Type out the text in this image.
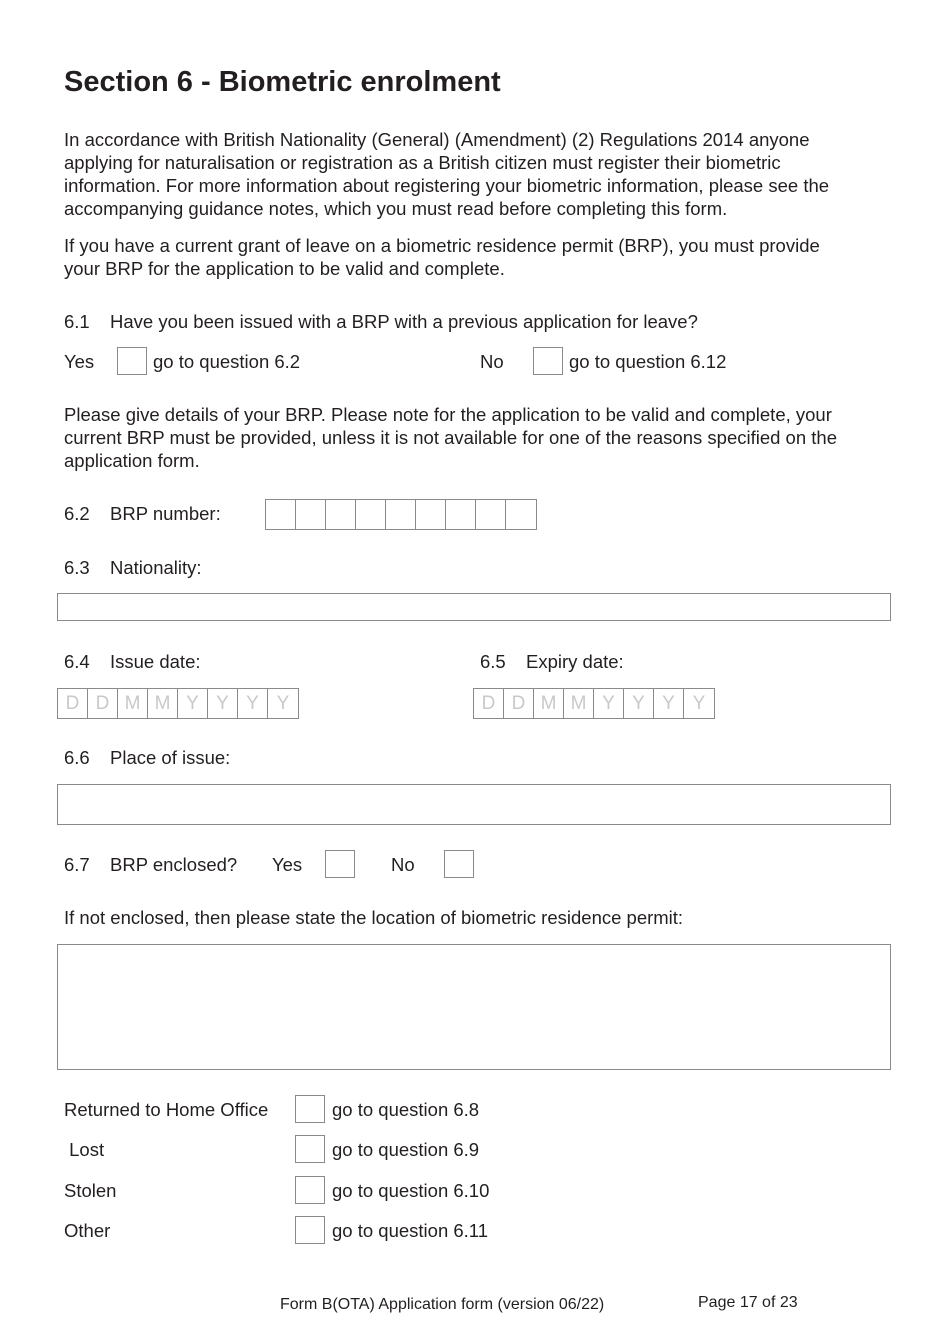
Section 6 - Biometric enrolment
In accordance with British Nationality (General) (Amendment) (2) Regulations 2014 anyone
applying for naturalisation or registration as a British citizen must register their biometric
information. For more information about registering your biometric information, please see the
accompanying guidance notes, which you must read before completing this form.
If you have a current grant of leave on a biometric residence permit (BRP), you must provide
your BRP for the application to be valid and complete.
6.1 Have you been issued with a BRP with a previous application for leave?
Yes	go to question 6.2	No	go to question 6.12
Please give details of your BRP. Please note for the application to be valid and complete, your
current BRP must be provided, unless it is not available for one of the reasons specified on the
application form.
6.2 BRP number:
6.3 Nationality:
6.4 Issue date:	6.5 Expiry date:
D D M M Y Y Y Y	D D M M Y Y Y Y
6.6 Place of issue:
6.7 BRP enclosed? Yes	No
If not enclosed, then please state the location of biometric residence permit:
Returned to Home Office	go to question 6.8
Lost	go to question 6.9
Stolen	go to question 6.10
Other	go to question 6.11
Form B(OTA) Application form (version 06/22)	Page 17 of 23
